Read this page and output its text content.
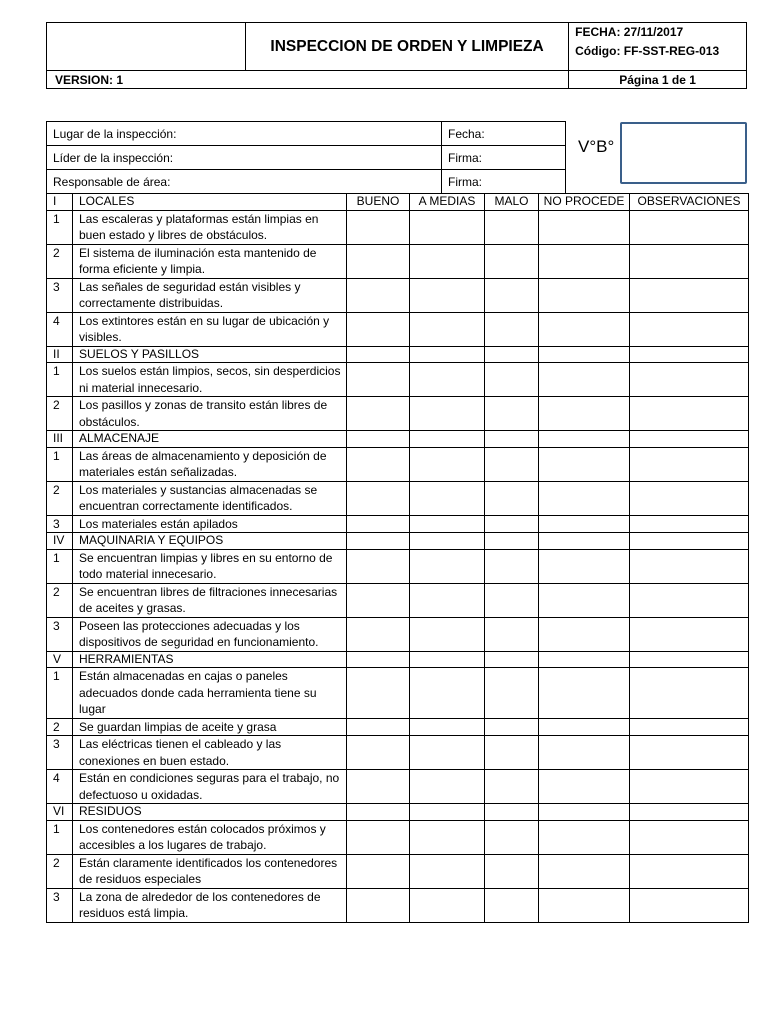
	INSPECCION DE ORDEN Y LIMPIEZA	FECHA: 27/11/2017
Código: FF-SST-REG-013

VERSION: 1		Página 1 de 1
Lugar de la inspección:	Fecha:
Líder de la inspección:	Firma:
Responsable de área:	Firma:
V°B°
I	LOCALES	BUENO	A MEDIAS	MALO	NO PROCEDE	OBSERVACIONES
1	Las escaleras y plataformas están limpias en buen estado y libres de obstáculos.					
2	El sistema de iluminación esta mantenido de forma eficiente y limpia.					
3	Las señales de seguridad están visibles y correctamente distribuidas.					
4	Los extintores están en su lugar de ubicación y visibles.					
II	SUELOS Y PASILLOS					
1	Los suelos están limpios, secos, sin desperdicios ni material innecesario.					
2	Los pasillos y zonas de transito están libres de obstáculos.					
III	ALMACENAJE					
1	Las áreas de almacenamiento y deposición de materiales están señalizadas.					
2	Los materiales y sustancias almacenadas se encuentran correctamente identificados.					
3	Los materiales están apilados					
IV	MAQUINARIA Y EQUIPOS					
1	Se encuentran limpias y libres en su entorno de todo material innecesario.					
2	Se encuentran libres de filtraciones innecesarias de aceites y grasas.					
3	Poseen las protecciones adecuadas y los dispositivos de seguridad en funcionamiento.					
V	HERRAMIENTAS					
1	Están almacenadas en cajas o paneles adecuados donde cada herramienta tiene su lugar					
2	Se guardan limpias de aceite y grasa					
3	Las eléctricas tienen el cableado y las conexiones en buen estado.					
4	Están en condiciones seguras para el trabajo, no defectuoso u oxidadas.					
VI	RESIDUOS					
1	Los contenedores están colocados próximos y accesibles a los lugares de trabajo.					
2	Están claramente identificados los contenedores de residuos especiales					
3	La zona de alrededor de los contenedores de residuos está limpia.					
